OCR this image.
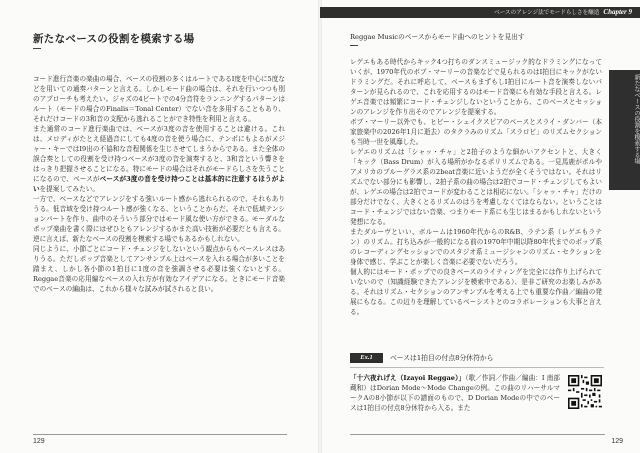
新たなベースの役割を模索する場

コード進行音楽の楽曲の場合、ベースの役割の多くはルートであるⅠ度を中心に5度などを用いての通奏バターンと言える。しかしモード曲の場合は、それを行いつつも別のアプローチも考えたい。ジャズの4ビートでの4分音符をランニングするパターンはルート（モードの場合のFinalis＝Tonal Center）でない音を多用することもあり、それだけコードの3和音の支配から逃れることができ特性を利用と言える。

また通常のコード進行楽曲では、ベースが3度の音を使用することは避ける。これは、メロディがたとえ経過音にしても4度の音を使う場合に、テンポにもよるがメジャー・キーではⅠ9出の不協和な音程関係を生じさせてしまうからである。また全体の誤合奏としての役割を受け持つベースが3度の音を演奏すると、3和音という響きをはっきり把握させることになる。特にモードの場合はそれがモードらしさを失うことになるので、ベースがベースが3度の音を受け持つことは基本的に注意するほうがよいを提案してみたい。

一方で、ベースなどでアレンジをする強いルート感から逃れられるので、それもありうる。低音域を受け持つルート感が強くなる、ということからだ。それで低域テンションパートを作り、曲中のそういう部分ではモード風な使い方ができる。モーダルなポップ楽曲を書く際にはぜひともアレンジするかまた高い技術が必要だとも言える。逆に言えば、新たなベースの役割を模索する場でもあるかもしれない。

同じように、小節ごとにコード・チェンジをしないという観点からもベースレスはありうる。ただしポップ音楽としてアンサンブル上はベースを入れる場合が多いことを踏まえ、しかし各小節の1拍目に1度の音を強調させる必要は強くないとする。Reggae音楽の応用編なベースの入れ方が有効なアイデアになる。ときにモード音楽でのベースの編曲は、これから様々な試みが試されると良い。

129
ベースのアレンジ法でモードらしさを醸造 Chapter 9
新たなベースの役割を模索する場
Reggae Musicのベースからモード曲へのヒントを見出す

レゲエもある時代からキック4つ打ちのダンスミュージック的なドラミングになっていくが、1970年代のボブ・マーリーの音楽などで見られるのはⅠ拍目にキックがないドラミングだ。それに呼応して、ベースもまずもしⅠ拍目にルート音を演奏しないパターンが見られるので、これを応用するのはモード音楽にも有効な手段と言える。レゲエ音楽では頻繁にコード・チェンジしないということから、このベースとセッションのアレンジを作り出そのでアレンジを提案する。

ボブ・マーリー以外でも、ヒビー・シェイクスピアのベースとスライ・ダンバー（本家旅楽中の2026年1月に逝去）のタクラみのリズム「スラロビ」のリズムセクションも当時一世を風靡した。

レゲエのリズムは「シャッ・チャ」と2拍子のような細かいアクセントと、大きく「キック（Bass Drum）が入る場所がかなるポリリズムである。一見馬鹿がポルやアメリカのブルーグラス系の2beat音楽に近いようだが全くそうではない。それはリズムでない部分にも影響し、2拍子系の曲の場合は2拍でコード・チェンジしてもよいが、レゲエの場合は2拍でコードが変わることは相応にない。「シャッ・チャ」だけの部分だけでなく、大きくとるリズムのはうを考慮しなくてはならない。ということはコード・チェンジではない音楽、つまりモード系にも生じはまるかもしれないという発想になる。

またダルーヴといい、ボルームは1960年代からのR&B、ラテン系（レゲエもラテン）のリズム。打ち込みが一般的になる前の1970年中期以降80年代までのポップ系のレコーディングセッションでのスタジオ系ミュージシャンのリズム・セクションを身体で感じ、学ぶことが楽しく音楽に必要でないだろう。

個人的にはモード・ポップでの良きベースのライティングを完全には作り上げられていないので（知識経験できたアレンジを模索中である）、是非ご研究のお楽しみがある。それはリズム・セクションのアンサンブルを考える上でも重要な作曲／編曲の発展にもなる。この辺りを理解しているベーシストとのコラボレーションも大事と言える。

Ex.1	ベースは1拍目の付点8分休符から

「十六夜れげえ（Izayoi Reggae）」（歌／作詞／作曲／編曲：I 南部蔵和）はDorian Mode〜Mode Changeの例。この曲のリハーサルマークAの8小節が以下の譜面のもので、D Dorian Modeの中でのベースは1拍目の付点8分休符から入る。また

129
